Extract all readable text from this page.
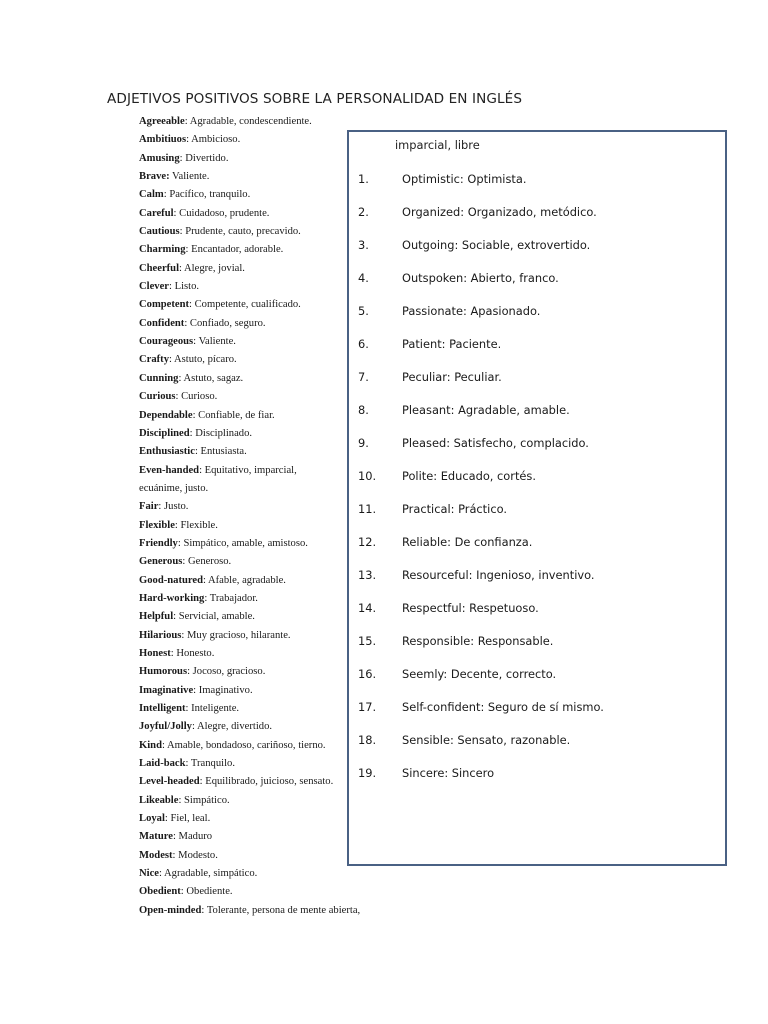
ADJETIVOS POSITIVOS SOBRE LA PERSONALIDAD EN INGLÉS
Agreeable: Agradable, condescendiente.
Ambitiuos: Ambicioso.
Amusing: Divertido.
Brave: Valiente.
Calm: Pacífico, tranquilo.
Careful: Cuidadoso, prudente.
Cautious: Prudente, cauto, precavido.
Charming: Encantador, adorable.
Cheerful: Alegre, jovial.
Clever: Listo.
Competent: Competente, cualificado.
Confident: Confiado, seguro.
Courageous: Valiente.
Crafty: Astuto, pícaro.
Cunning: Astuto, sagaz.
Curious: Curioso.
Dependable: Confiable, de fiar.
Disciplined: Disciplinado.
Enthusiastic: Entusiasta.
Even-handed: Equitativo, imparcial,
ecuánime, justo.
Fair: Justo.
Flexible: Flexible.
Friendly: Simpático, amable, amistoso.
Generous: Generoso.
Good-natured: Afable, agradable.
Hard-working: Trabajador.
Helpful: Servicial, amable.
Hilarious: Muy gracioso, hilarante.
Honest: Honesto.
Humorous: Jocoso, gracioso.
Imaginative: Imaginativo.
Intelligent: Inteligente.
Joyful/Jolly: Alegre, divertido.
Kind: Amable, bondadoso, cariñoso, tierno.
Laid-back: Tranquilo.
Level-headed: Equilibrado, juicioso, sensato.
Likeable: Simpático.
Loyal: Fiel, leal.
Mature: Maduro
Modest: Modesto.
Nice: Agradable, simpático.
Obedient: Obediente.
Open-minded: Tolerante, persona de mente abierta,
imparcial, libre
1.	Optimistic: Optimista.
2.	Organized: Organizado, metódico.
3.	Outgoing: Sociable, extrovertido.
4.	Outspoken: Abierto, franco.
5.	Passionate: Apasionado.
6.	Patient: Paciente.
7.	Peculiar: Peculiar.
8.	Pleasant: Agradable, amable.
9.	Pleased: Satisfecho, complacido.
10. Polite: Educado, cortés.
11. Practical: Práctico.
12. Reliable: De confianza.
13. Resourceful: Ingenioso, inventivo.
14. Respectful: Respetuoso.
15. Responsible: Responsable.
16. Seemly: Decente, correcto.
17. Self-confident: Seguro de sí mismo.
18. Sensible: Sensato, razonable.
19. Sincere: Sincero
